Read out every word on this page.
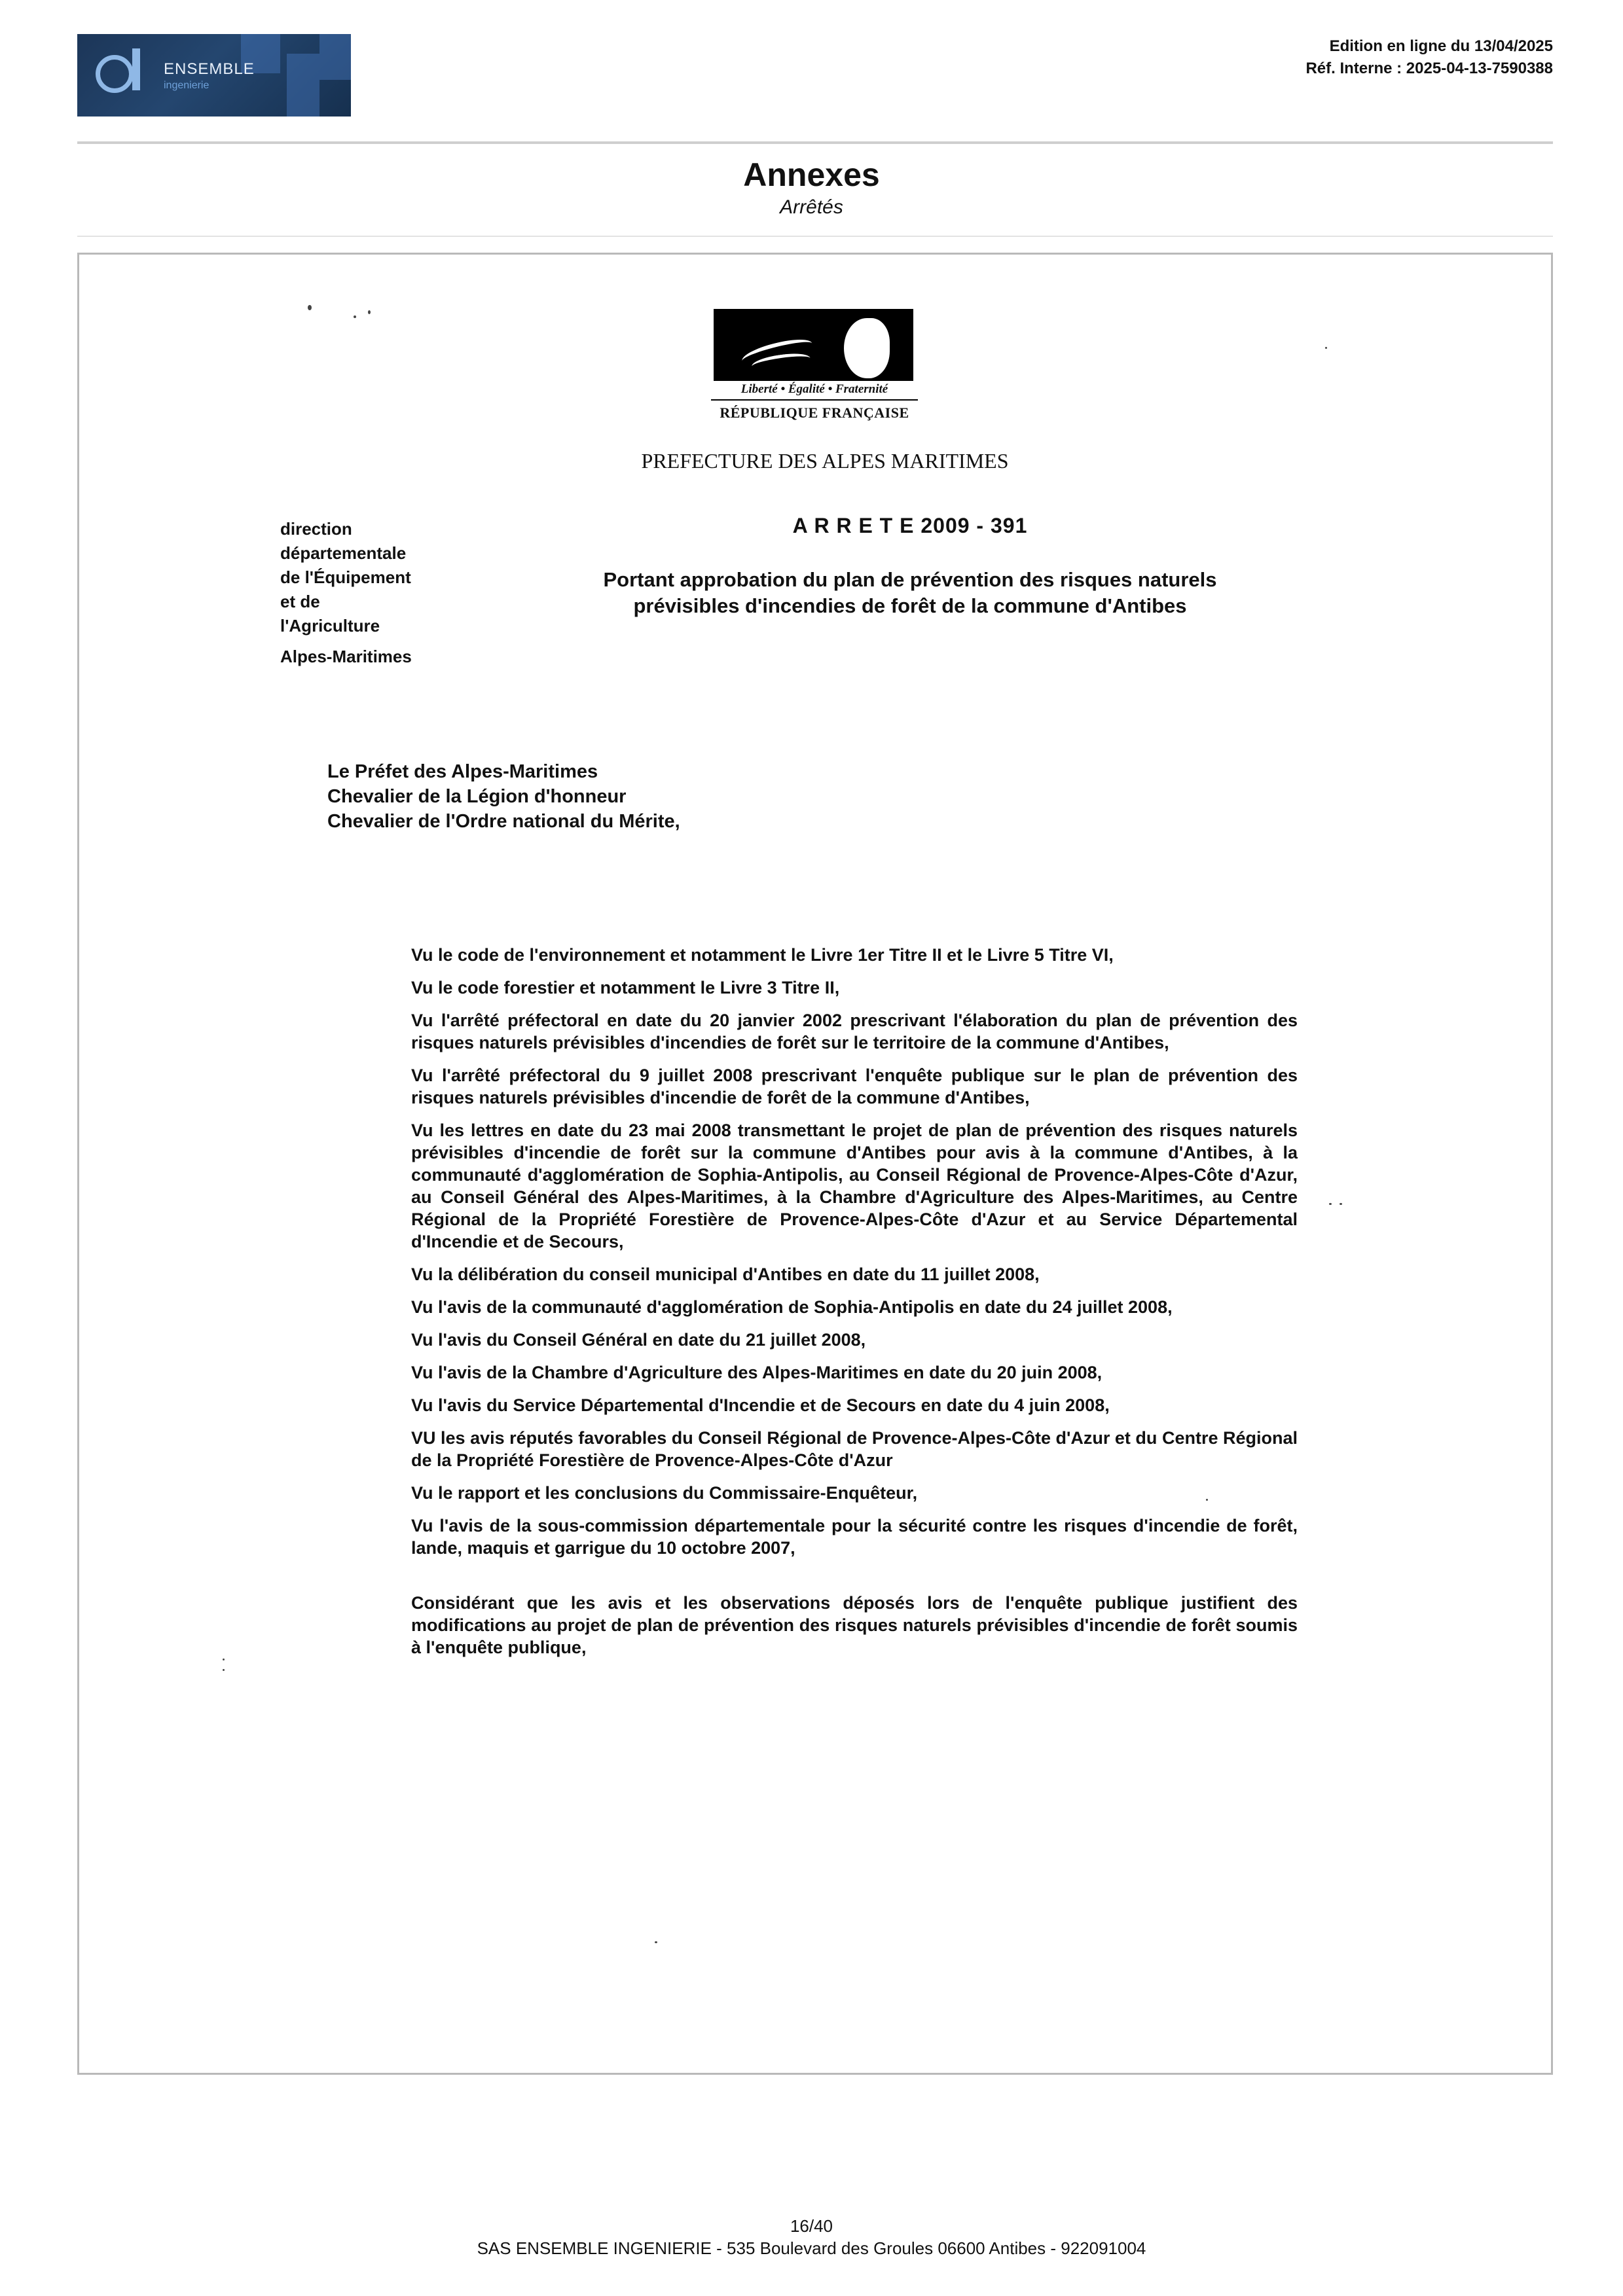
ENSEMBLE
ingenierie
Edition en ligne du 13/04/2025
Réf. Interne : 2025-04-13-7590388
Annexes
Arrêtés
Liberté • Égalité • Fraternité
RÉPUBLIQUE FRANÇAISE
PREFECTURE DES ALPES MARITIMES
direction
départementale
de l'Équipement
et de
l'Agriculture
Alpes-Maritimes
A R R E T E 2009 - 391
Portant approbation du plan de prévention des risques naturels
prévisibles d'incendies de forêt de la commune d'Antibes
Le Préfet des Alpes-Maritimes
Chevalier de la Légion d'honneur
Chevalier de l'Ordre national du Mérite,

Vu le code de l'environnement et notamment le Livre 1er Titre II et le Livre 5 Titre VI,

Vu le code forestier et notamment le Livre 3 Titre II,

Vu l'arrêté préfectoral en date du 20 janvier 2002 prescrivant l'élaboration du plan de prévention des risques naturels prévisibles d'incendies de forêt sur le territoire de la commune d'Antibes,

Vu l'arrêté préfectoral du 9 juillet 2008 prescrivant l'enquête publique sur le plan de prévention des risques naturels prévisibles d'incendie de forêt de la commune d'Antibes,

Vu les lettres en date du 23 mai 2008 transmettant le projet de plan de prévention des risques naturels prévisibles d'incendie de forêt sur la commune d'Antibes pour avis à la commune d'Antibes, à la communauté d'agglomération de Sophia-Antipolis, au Conseil Régional de Provence-Alpes-Côte d'Azur, au Conseil Général des Alpes-Maritimes, à la Chambre d'Agriculture des Alpes-Maritimes, au Centre Régional de la Propriété Forestière de Provence-Alpes-Côte d'Azur et au Service Départemental d'Incendie et de Secours,

Vu la délibération du conseil municipal d'Antibes en date du 11 juillet 2008,

Vu l'avis de la communauté d'agglomération de Sophia-Antipolis en date du 24 juillet 2008,

Vu l'avis du Conseil Général en date du 21 juillet 2008,

Vu l'avis de la Chambre d'Agriculture des Alpes-Maritimes en date du 20 juin 2008,

Vu l'avis du Service Départemental d'Incendie et de Secours en date du 4 juin 2008,

VU les avis réputés favorables du Conseil Régional de Provence-Alpes-Côte d'Azur et du Centre Régional de la Propriété Forestière de Provence-Alpes-Côte d'Azur

Vu le rapport et les conclusions du Commissaire-Enquêteur,

Vu l'avis de la sous-commission départementale pour la sécurité contre les risques d'incendie de forêt, lande, maquis et garrigue du 10 octobre 2007,

Considérant que les avis et les observations déposés lors de l'enquête publique justifient des modifications au projet de plan de prévention des risques naturels prévisibles d'incendie de forêt soumis à l'enquête publique,

16/40
SAS ENSEMBLE INGENIERIE - 535 Boulevard des Groules 06600 Antibes - 922091004
